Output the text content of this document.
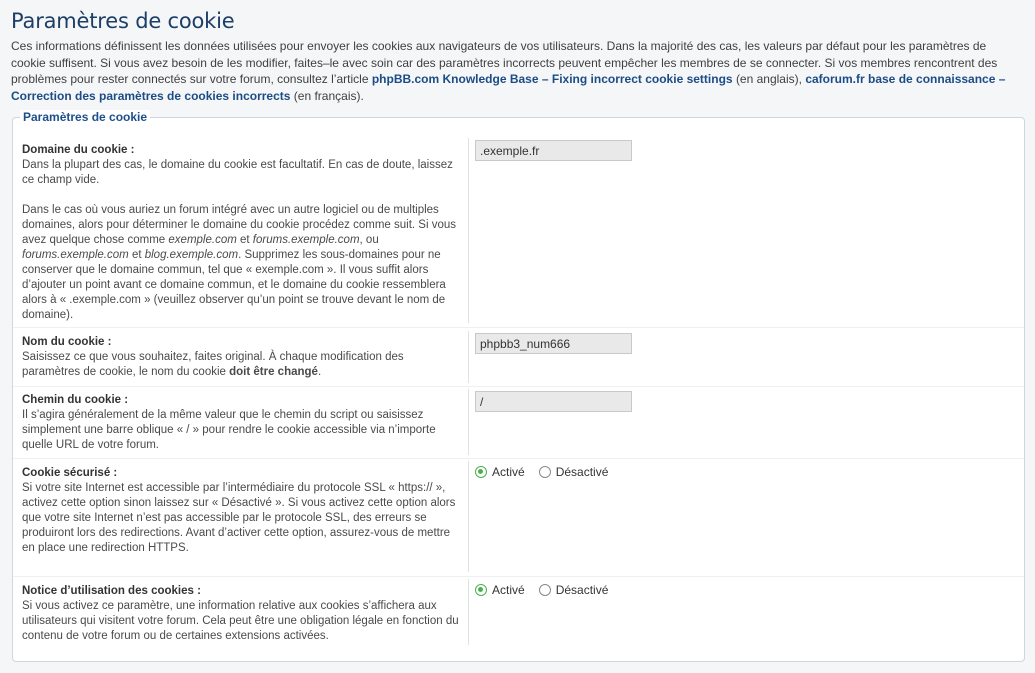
Paramètres de cookie
Ces informations définissent les données utilisées pour envoyer les cookies aux navigateurs de vos utilisateurs. Dans la majorité des cas, les valeurs par défaut pour les paramètres de cookie suffisent. Si vous avez besoin de les modifier, faites–le avec soin car des paramètres incorrects peuvent empêcher les membres de se connecter. Si vos membres rencontrent des problèmes pour rester connectés sur votre forum, consultez l’article phpBB.com Knowledge Base – Fixing incorrect cookie settings (en anglais), caforum.fr base de connaissance – Correction des paramètres de cookies incorrects (en français).
Paramètres de cookie
Domaine du cookie :
Dans la plupart des cas, le domaine du cookie est facultatif. En cas de doute, laissez ce champ vide.
Dans le cas où vous auriez un forum intégré avec un autre logiciel ou de multiples domaines, alors pour déterminer le domaine du cookie procédez comme suit. Si vous avez quelque chose comme exemple.com et forums.exemple.com, ou forums.exemple.com et blog.exemple.com. Supprimez les sous-domaines pour ne conserver que le domaine commun, tel que « exemple.com ». Il vous suffit alors d’ajouter un point avant ce domaine commun, et le domaine du cookie ressemblera alors à « .exemple.com » (veuillez observer qu’un point se trouve devant le nom de domaine).
.exemple.fr
Nom du cookie :
Saisissez ce que vous souhaitez, faites original. À chaque modification des paramètres de cookie, le nom du cookie doit être changé.
phpbb3_num666
Chemin du cookie :
Il s’agira généralement de la même valeur que le chemin du script ou saisissez simplement une barre oblique « / » pour rendre le cookie accessible via n’importe quelle URL de votre forum.
/
Cookie sécurisé :
Si votre site Internet est accessible par l’intermédiaire du protocole SSL « https:// », activez cette option sinon laissez sur « Désactivé ». Si vous activez cette option alors que votre site Internet n’est pas accessible par le protocole SSL, des erreurs se produiront lors des redirections. Avant d’activer cette option, assurez-vous de mettre en place une redirection HTTPS.
Activé	Désactivé
Notice d’utilisation des cookies :
Si vous activez ce paramètre, une information relative aux cookies s’affichera aux utilisateurs qui visitent votre forum. Cela peut être une obligation légale en fonction du contenu de votre forum ou de certaines extensions activées.
Activé	Désactivé
